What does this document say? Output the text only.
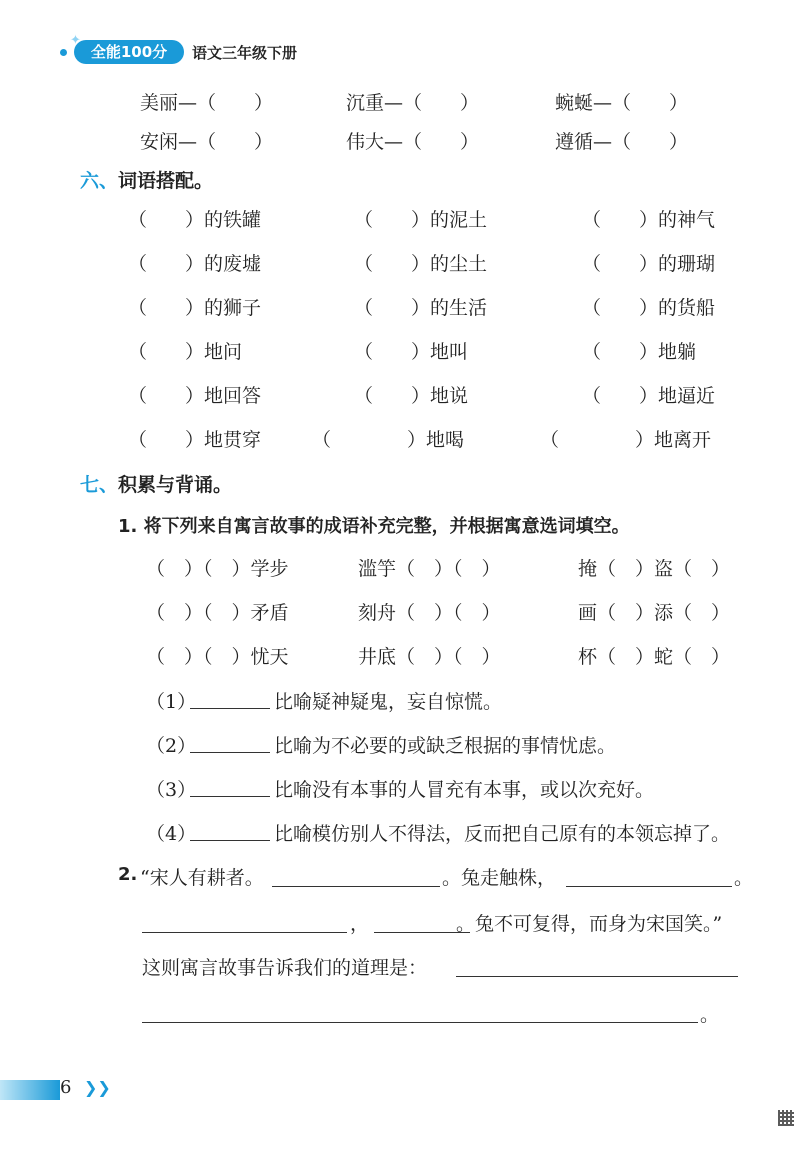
全能100分
✦
语文三年级下册
美丽—（　　）	沉重—（　　）	蜿蜒—（　　）
安闲—（　　）	伟大—（　　）	遵循—（　　）
六、词语搭配。
（　　）的铁罐	（　　）的泥土	（　　）的神气
（　　）的废墟	（　　）的尘土	（　　）的珊瑚
（　　）的狮子	（　　）的生活	（　　）的货船
（　　）地问	（　　）地叫	（　　）地躺
（　　）地回答	（　　）地说	（　　）地逼近
（　　）地贯穿	（　　　　）地喝	（　　　　）地离开
七、积累与背诵。
1. 将下列来自寓言故事的成语补充完整，并根据寓意选词填空。
（　）（　）学步	滥竽（　）（　）	掩（　）盗（　）
（　）（　）矛盾	刻舟（　）（　）	画（　）添（　）
（　）（　）忧天	井底（　）（　）	杯（　）蛇（　）
（1）	比喻疑神疑鬼，妄自惊慌。
（2）	比喻为不必要的或缺乏根据的事情忧虑。
（3）	比喻没有本事的人冒充有本事，或以次充好。
（4）	比喻模仿别人不得法，反而把自己原有的本领忘掉了。
2. “宋人有耕者。	。兔走触株，	。
，	。兔不可复得，而身为宋国笑。”
这则寓言故事告诉我们的道理是：
。
6 ❯❯
